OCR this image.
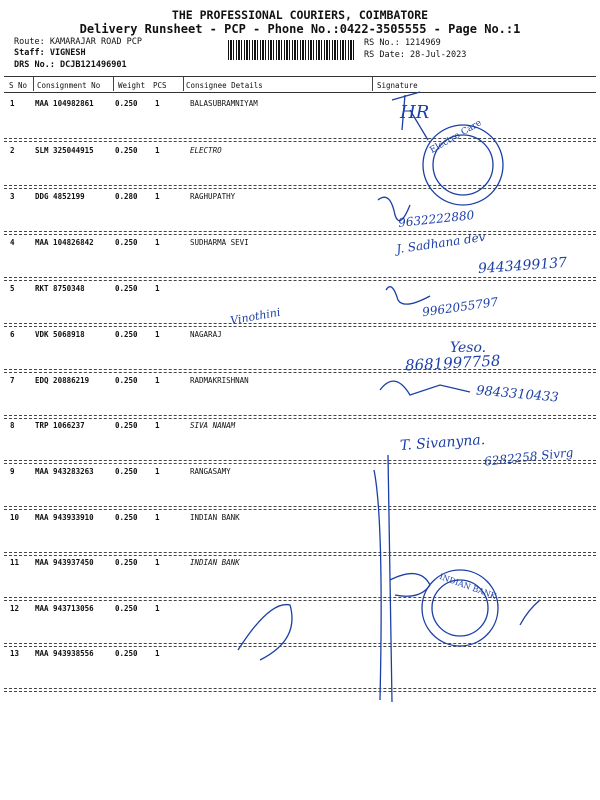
THE PROFESSIONAL COURIERS, COIMBATORE
Delivery Runsheet - PCP - Phone No.:0422-3505555 - Page No.:1
Route: KAMARAJAR ROAD PCP
Staff: VIGNESH
DRS No.: DCJB121496901
RS No.: 1214969
RS Date: 28-Jul-2023
S No Consignment No Weight PCS	Consignee Details	Signature
1	MAA 104982861	0.250 1	BALASUBRAMNIYAM
2	SLM 325044915	0.250 1	ELECTRO
3	DDG 4852199	0.280 1	RAGHUPATHY
4	MAA 104826842	0.250 1	SUDHARMA SEVI
5	RKT 8750348	0.250 1
6	VDK 5068918	0.250 1	NAGARAJ
7	EDQ 20886219	0.250 1	RADMAKRISHNAN
8	TRP 1066237	0.250 1	SIVA NANAM
9	MAA 943283263	0.250 1	RANGASAMY
10 MAA 943933910	0.250 1	INDIAN BANK
11 MAA 943937450	0.250 1	INDIAN BANK
12 MAA 943713056	0.250 1
13 MAA 943938556	0.250 1
HR
Electro Care
9632222880
J. Sadhana dev
9443499137
Vinothini	9962055797
Yeso.
8681997758
9843310433
T. Sivanyna.
6282258 Sivrg
INDIAN BANK
